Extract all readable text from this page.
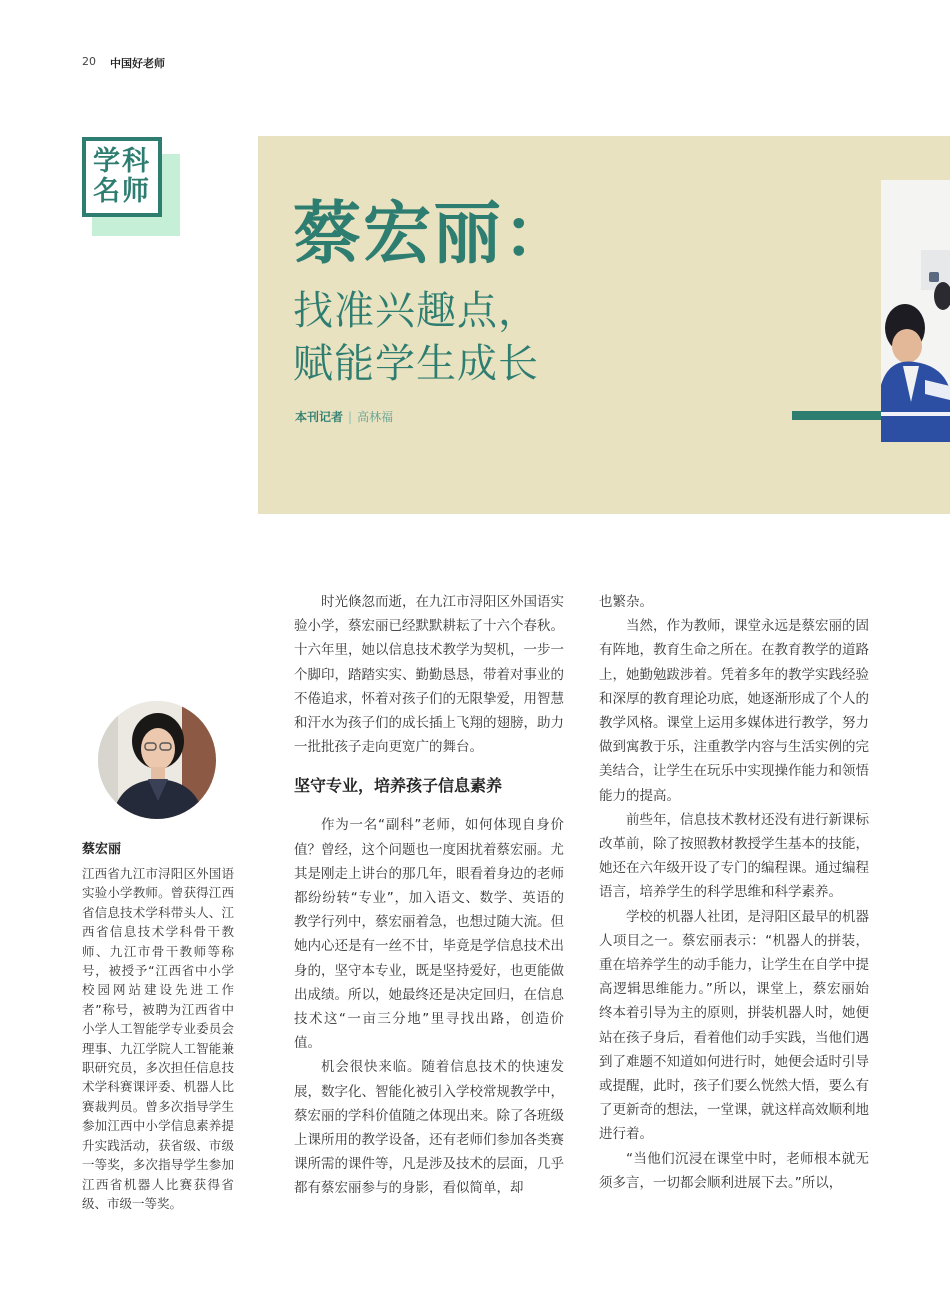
20 中国好老师
学科
名师
蔡宏丽：
找准兴趣点，
赋能学生成长
本刊记者 | 高林福
蔡宏丽
江西省九江市浔阳区外国语实验小学教师。曾获得江西省信息技术学科带头人、江西省信息技术学科骨干教师、九江市骨干教师等称号，被授予“江西省中小学校园网站建设先进工作者”称号，被聘为江西省中小学人工智能学专业委员会理事、九江学院人工智能兼职研究员，多次担任信息技术学科赛课评委、机器人比赛裁判员。曾多次指导学生参加江西中小学信息素养提升实践活动，获省级、市级一等奖，多次指导学生参加江西省机器人比赛获得省级、市级一等奖。

时光倏忽而逝，在九江市浔阳区外国语实验小学，蔡宏丽已经默默耕耘了十六个春秋。十六年里，她以信息技术教学为契机，一步一个脚印，踏踏实实、勤勤恳恳，带着对事业的不倦追求，怀着对孩子们的无限挚爱，用智慧和汗水为孩子们的成长插上飞翔的翅膀，助力一批批孩子走向更宽广的舞台。

坚守专业，培养孩子信息素养

作为一名“副科”老师，如何体现自身价值？曾经，这个问题也一度困扰着蔡宏丽。尤其是刚走上讲台的那几年，眼看着身边的老师都纷纷转“专业”，加入语文、数学、英语的教学行列中，蔡宏丽着急，也想过随大流。但她内心还是有一丝不甘，毕竟是学信息技术出身的，坚守本专业，既是坚持爱好，也更能做出成绩。所以，她最终还是决定回归，在信息技术这“一亩三分地”里寻找出路，创造价值。

机会很快来临。随着信息技术的快速发展，数字化、智能化被引入学校常规教学中，蔡宏丽的学科价值随之体现出来。除了各班级上课所用的教学设备，还有老师们参加各类赛课所需的课件等，凡是涉及技术的层面，几乎都有蔡宏丽参与的身影，看似简单，却

也繁杂。

当然，作为教师，课堂永远是蔡宏丽的固有阵地，教育生命之所在。在教育教学的道路上，她勤勉跋涉着。凭着多年的教学实践经验和深厚的教育理论功底，她逐渐形成了个人的教学风格。课堂上运用多媒体进行教学，努力做到寓教于乐，注重教学内容与生活实例的完美结合，让学生在玩乐中实现操作能力和领悟能力的提高。

前些年，信息技术教材还没有进行新课标改革前，除了按照教材教授学生基本的技能，她还在六年级开设了专门的编程课。通过编程语言，培养学生的科学思维和科学素养。

学校的机器人社团，是浔阳区最早的机器人项目之一。蔡宏丽表示：“机器人的拼装，重在培养学生的动手能力，让学生在自学中提高逻辑思维能力。”所以，课堂上，蔡宏丽始终本着引导为主的原则，拼装机器人时，她便站在孩子身后，看着他们动手实践，当他们遇到了难题不知道如何进行时，她便会适时引导或提醒，此时，孩子们要么恍然大悟，要么有了更新奇的想法，一堂课，就这样高效顺利地进行着。

“当他们沉浸在课堂中时，老师根本就无须多言，一切都会顺利进展下去。”所以，
